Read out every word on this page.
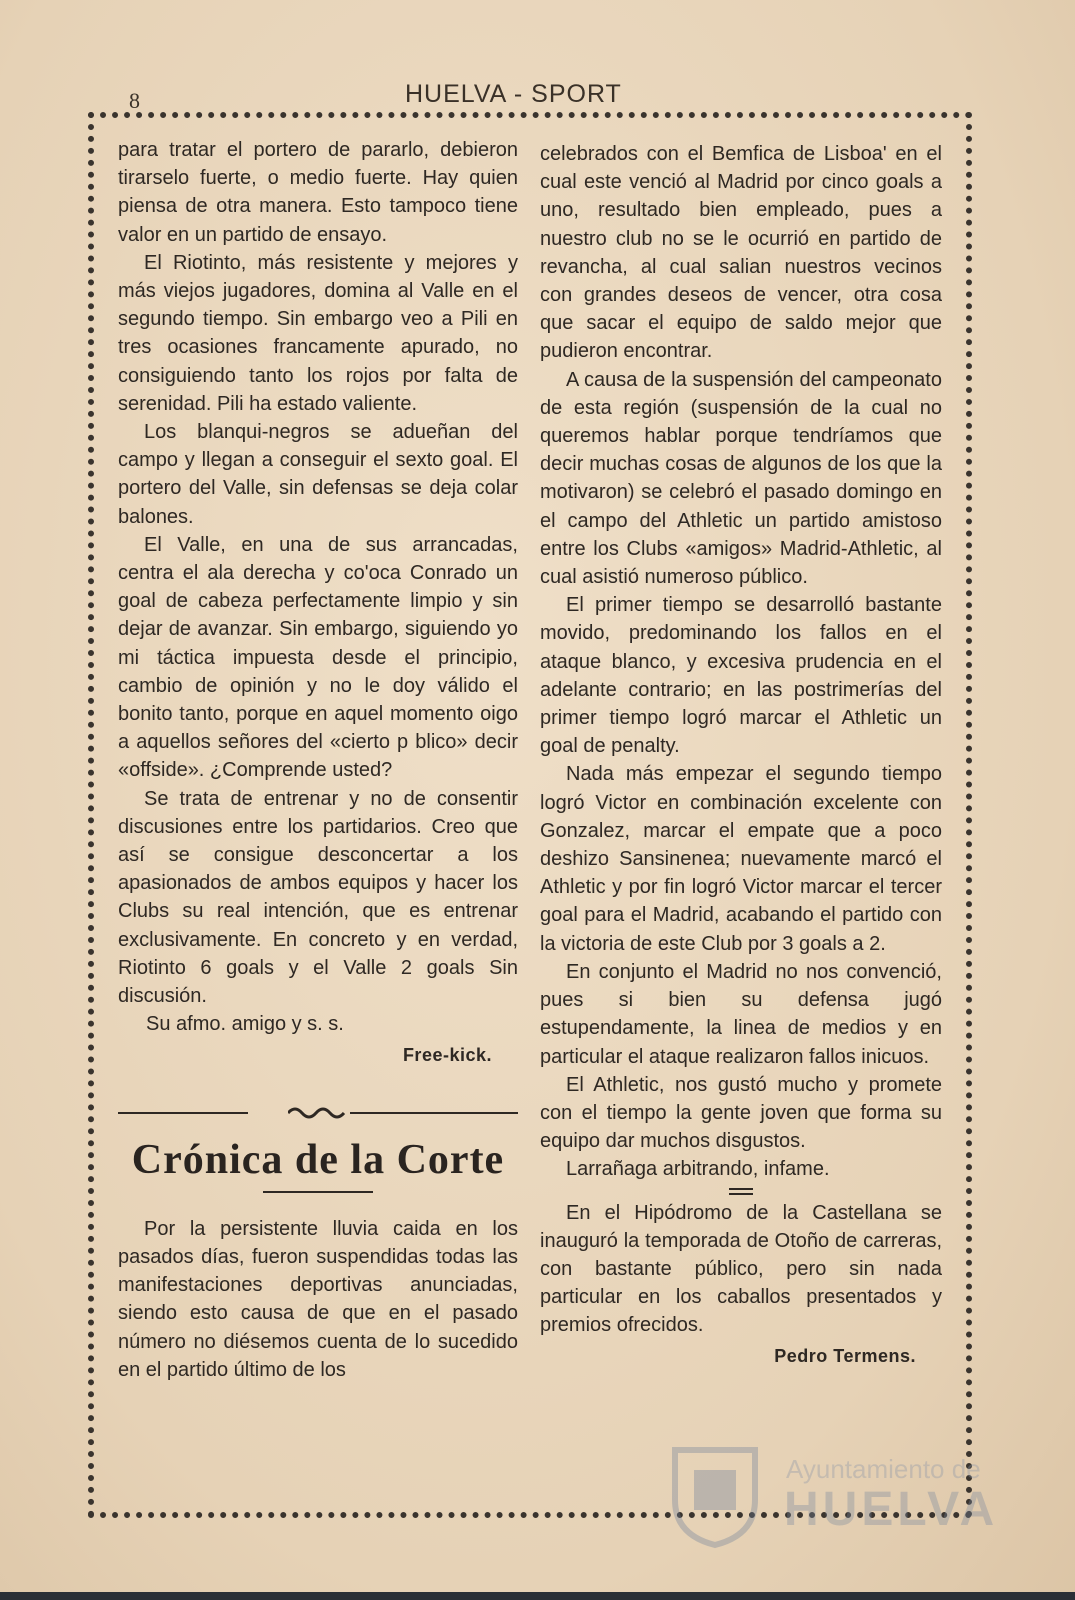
8	HUELVA - SPORT

para tratar el portero de pararlo, debieron tirarselo fuerte, o medio fuerte. Hay quien piensa de otra manera. Esto tampoco tiene valor en un partido de ensayo.

El Riotinto, más resistente y mejores y más viejos jugadores, domina al Valle en el segundo tiempo. Sin embargo veo a Pili en tres ocasiones francamente apurado, no consiguiendo tanto los rojos por falta de serenidad. Pili ha estado valiente.

Los blanqui-negros se adueñan del campo y llegan a conseguir el sexto goal. El portero del Valle, sin defensas se deja colar balones.

El Valle, en una de sus arrancadas, centra el ala derecha y co'oca Conrado un goal de cabeza perfectamente limpio y sin dejar de avanzar. Sin embargo, siguiendo yo mi táctica impuesta desde el principio, cambio de opinión y no le doy válido el bonito tanto, porque en aquel momento oigo a aquellos señores del «cierto p blico» decir «offside». ¿Comprende usted?

Se trata de entrenar y no de consentir discusiones entre los partidarios. Creo que así se consigue desconcertar a los apasionados de ambos equipos y hacer los Clubs su real intención, que es entrenar exclusivamente. En concreto y en verdad, Riotinto 6 goals y el Valle 2 goals Sin discusión.

Su afmo. amigo y s. s.

Free-kick.

Crónica de la Corte

Por la persistente lluvia caida en los pasados días, fueron suspendidas todas las manifestaciones deportivas anunciadas, siendo esto causa de que en el pasado número no diésemos cuenta de lo sucedido en el partido último de los

celebrados con el Bemfica de Lisboa' en el cual este venció al Madrid por cinco goals a uno, resultado bien empleado, pues a nuestro club no se le ocurrió en partido de revancha, al cual salian nuestros vecinos con grandes deseos de vencer, otra cosa que sacar el equipo de saldo mejor que pudieron encontrar.

A causa de la suspensión del campeonato de esta región (suspensión de la cual no queremos hablar porque tendríamos que decir muchas cosas de algunos de los que la motivaron) se celebró el pasado domingo en el campo del Athletic un partido amistoso entre los Clubs «amigos» Madrid-Athletic, al cual asistió numeroso público.

El primer tiempo se desarrolló bastante movido, predominando los fallos en el ataque blanco, y excesiva prudencia en el adelante contrario; en las postrimerías del primer tiempo logró marcar el Athletic un goal de penalty.

Nada más empezar el segundo tiempo logró Victor en combinación excelente con Gonzalez, marcar el empate que a poco deshizo Sansinenea; nuevamente marcó el Athletic y por fin logró Victor marcar el tercer goal para el Madrid, acabando el partido con la victoria de este Club por 3 goals a 2.

En conjunto el Madrid no nos convenció, pues si bien su defensa jugó estupendamente, la linea de medios y en particular el ataque realizaron fallos inicuos.

El Athletic, nos gustó mucho y promete con el tiempo la gente joven que forma su equipo dar muchos disgustos.

Larrañaga arbitrando, infame.

En el Hipódromo de la Castellana se inauguró la temporada de Otoño de carreras, con bastante público, pero sin nada particular en los caballos presentados y premios ofrecidos.

Pedro Termens.

Ayuntamiento de
HUELVA
